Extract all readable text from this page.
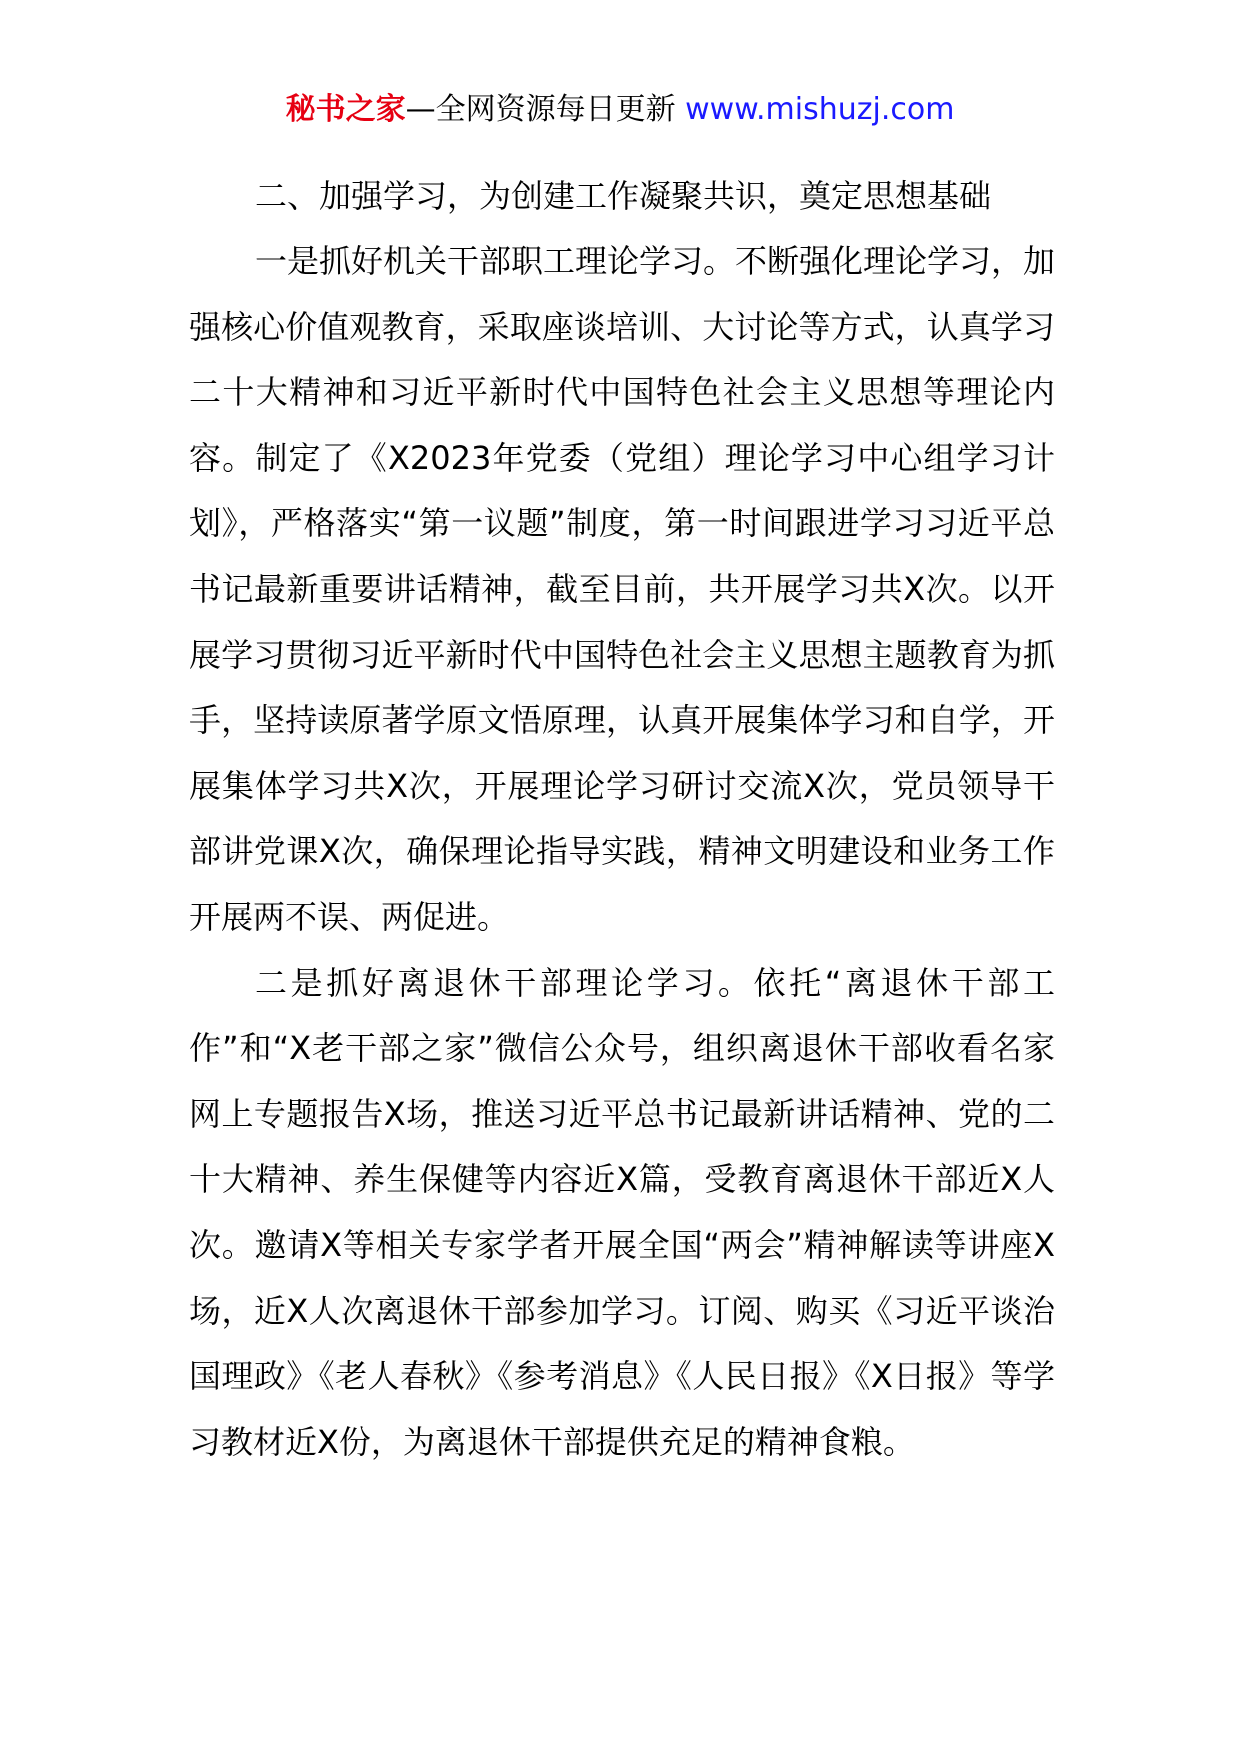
秘书之家—全网资源每日更新 www.mishuzj.com
二、加强学习，为创建工作凝聚共识，奠定思想基础

一是抓好机关干部职工理论学习。不断强化理论学习，加强核心价值观教育，采取座谈培训、大讨论等方式，认真学习二十大精神和习近平新时代中国特色社会主义思想等理论内容。制定了《X2023年党委（党组）理论学习中心组学习计划》，严格落实“第一议题”制度，第一时间跟进学习习近平总书记最新重要讲话精神，截至目前，共开展学习共X次。以开展学习贯彻习近平新时代中国特色社会主义思想主题教育为抓手，坚持读原著学原文悟原理，认真开展集体学习和自学，开展集体学习共X次，开展理论学习研讨交流X次，党员领导干部讲党课X次，确保理论指导实践，精神文明建设和业务工作开展两不误、两促进。

二是抓好离退休干部理论学习。依托“离退休干部工作”和“X老干部之家”微信公众号，组织离退休干部收看名家网上专题报告X场，推送习近平总书记最新讲话精神、党的二十大精神、养生保健等内容近X篇，受教育离退休干部近X人次。邀请X等相关专家学者开展全国“两会”精神解读等讲座X场，近X人次离退休干部参加学习。订阅、购买《习近平谈治国理政》《老人春秋》《参考消息》《人民日报》《X日报》等学习教材近X份，为离退休干部提供充足的精神食粮。
